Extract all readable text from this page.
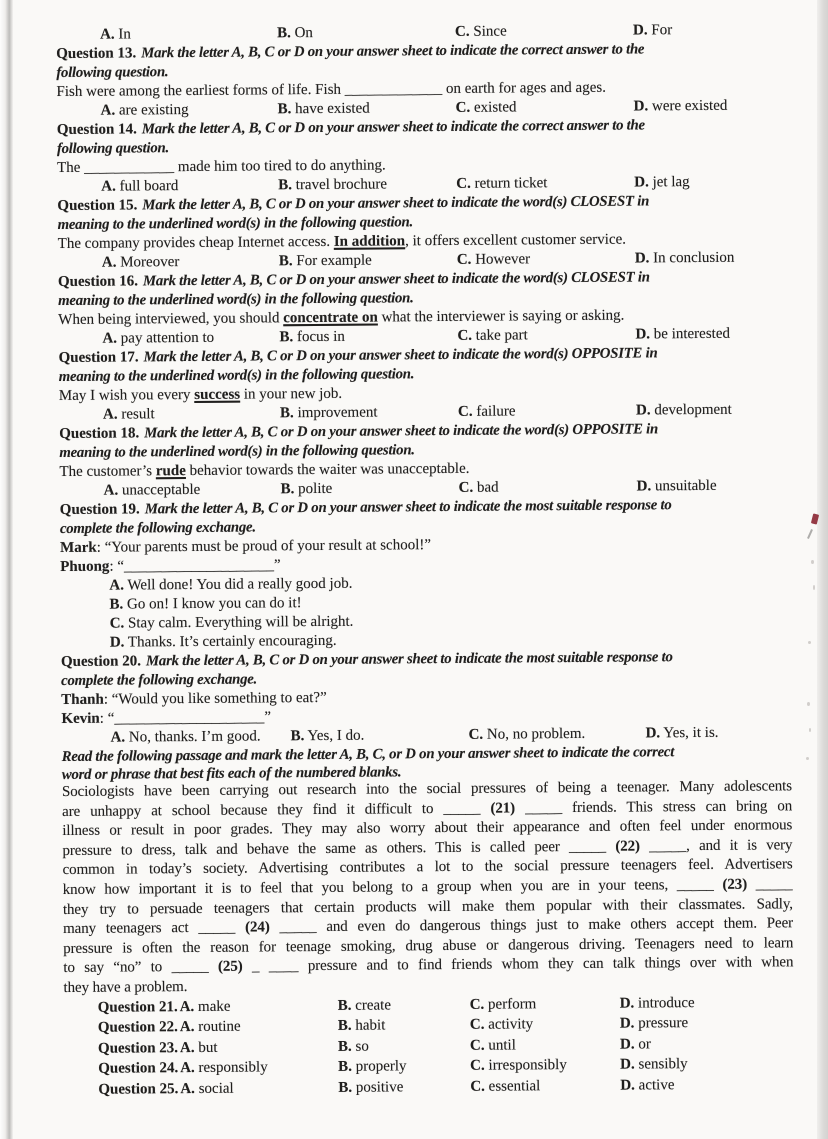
A. In	B. On	C. Since	D. For
Question 13. Mark the letter A, B, C or D on your answer sheet to indicate the correct answer to the
following question.
Fish were among the earliest forms of life. Fish _____________ on earth for ages and ages.
A. are existing	B. have existed	C. existed	D. were existed
Question 14. Mark the letter A, B, C or D on your answer sheet to indicate the correct answer to the
following question.
The ____________ made him too tired to do anything.
A. full board	B. travel brochure	C. return ticket	D. jet lag
Question 15. Mark the letter A, B, C or D on your answer sheet to indicate the word(s) CLOSEST in
meaning to the underlined word(s) in the following question.
The company provides cheap Internet access. In addition, it offers excellent customer service.
A. Moreover	B. For example	C. However	D. In conclusion
Question 16. Mark the letter A, B, C or D on your answer sheet to indicate the word(s) CLOSEST in
meaning to the underlined word(s) in the following question.
When being interviewed, you should concentrate on what the interviewer is saying or asking.
A. pay attention to	B. focus in	C. take part	D. be interested
Question 17. Mark the letter A, B, C or D on your answer sheet to indicate the word(s) OPPOSITE in
meaning to the underlined word(s) in the following question.
May I wish you every success in your new job.
A. result	B. improvement	C. failure	D. development
Question 18. Mark the letter A, B, C or D on your answer sheet to indicate the word(s) OPPOSITE in
meaning to the underlined word(s) in the following question.
The customer’s rude behavior towards the waiter was unacceptable.
A. unacceptable	B. polite	C. bad	D. unsuitable
Question 19. Mark the letter A, B, C or D on your answer sheet to indicate the most suitable response to
complete the following exchange.
Mark: “Your parents must be proud of your result at school!”
Phuong: “____________________”
A. Well done! You did a really good job.
B. Go on! I know you can do it!
C. Stay calm. Everything will be alright.
D. Thanks. It’s certainly encouraging.
Question 20. Mark the letter A, B, C or D on your answer sheet to indicate the most suitable response to
complete the following exchange.
Thanh: “Would you like something to eat?”
Kevin: “____________________”
A. No, thanks. I’m good. B. Yes, I do.	C. No, no problem.	D. Yes, it is.
Read the following passage and mark the letter A, B, C, or D on your answer sheet to indicate the correct
word or phrase that best fits each of the numbered blanks.
Sociologists have been carrying out research into the social pressures of being a teenager. Many adolescents
are unhappy at school because they find it difficult to _____ (21) _____ friends. This stress can bring on
illness or result in poor grades. They may also worry about their appearance and often feel under enormous
pressure to dress, talk and behave the same as others. This is called peer _____ (22) _____, and it is very
common in today’s society. Advertising contributes a lot to the social pressure teenagers feel. Advertisers
know how important it is to feel that you belong to a group when you are in your teens, _____ (23) _____
they try to persuade teenagers that certain products will make them popular with their classmates. Sadly,
many teenagers act _____ (24) _____ and even do dangerous things just to make others accept them. Peer
pressure is often the reason for teenage smoking, drug abuse or dangerous driving. Teenagers need to learn
to say “no” to _____ (25) _ ____ pressure and to find friends whom they can talk things over with when
they have a problem.
Question 21. A. make	B. create	C. perform	D. introduce
Question 22. A. routine	B. habit	C. activity	D. pressure
Question 23. A. but	B. so	C. until	D. or
Question 24. A. responsibly	B. properly	C. irresponsibly	D. sensibly
Question 25. A. social	B. positive	C. essential	D. active
